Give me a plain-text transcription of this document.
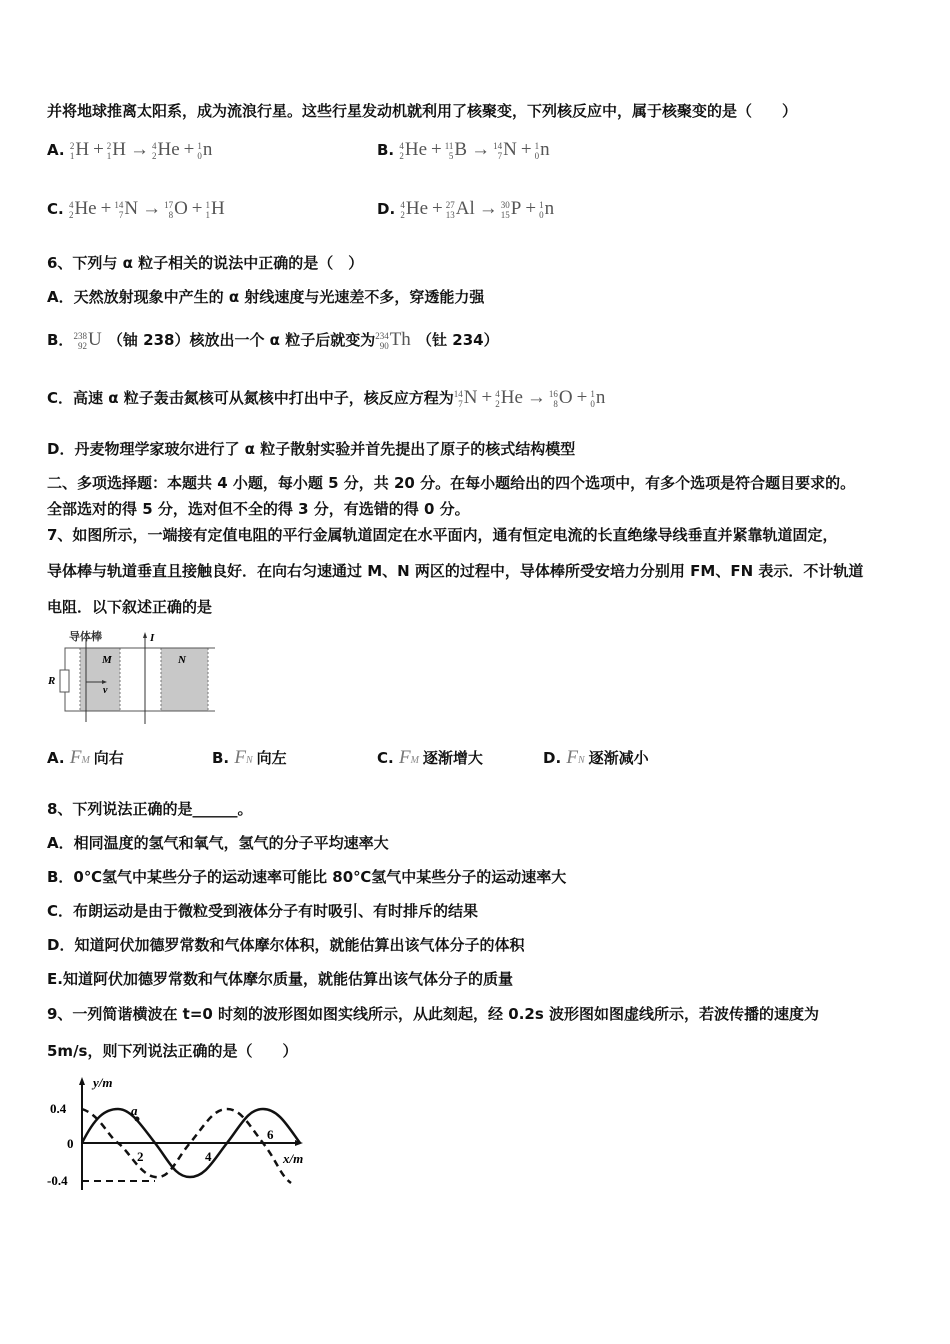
并将地球推离太阳系，成为流浪行星。这些行星发动机就利用了核聚变，下列核反应中，属于核聚变的是（　　）
A. 2
1 H + 2
1 H → 4
2 He + 1
0 n	B. 4
2 He + 11
5 B → 14
7 N + 1
0 n
C. 4
2 He + 14
7 N → 17
8 O + 1
1 H	D. 4
2 He + 27
13 Al → 30
15 P + 1
0 n
6、下列与 α 粒子相关的说法中正确的是（　）
A．天然放射现象中产生的 α 射线速度与光速差不多，穿透能力强
B． 238
92 U （铀 238）核放出一个 α 粒子后就变为 234
90 Th （钍 234）
C．高速 α 粒子轰击氮核可从氮核中打出中子，核反应方程为 14
7 N + 4
2 He → 16
8 O + 1
0 n
D．丹麦物理学家玻尔进行了 α 粒子散射实验并首先提出了原子的核式结构模型
二、多项选择题：本题共 4 小题，每小题 5 分，共 20 分。在每小题给出的四个选项中，有多个选项是符合题目要求的。
全部选对的得 5 分，选对但不全的得 3 分，有选错的得 0 分。
7、如图所示，一端接有定值电阻的平行金属轨道固定在水平面内，通有恒定电流的长直绝缘导线垂直并紧靠轨道固定，
导体棒与轨道垂直且接触良好．在向右匀速通过 M、N 两区的过程中，导体棒所受安培力分别用 FM、FN 表示．不计轨道
电阻．以下叙述正确的是
导体棒	I
R
M	N
v
A. FM 向右	B. FN 向左	C. FM 逐渐增大	D. FN 逐渐减小
8、下列说法正确的是______。
A．相同温度的氢气和氧气，氢气的分子平均速率大
B．0℃氢气中某些分子的运动速率可能比 80℃氢气中某些分子的运动速率大
C．布朗运动是由于微粒受到液体分子有时吸引、有时排斥的结果
D．知道阿伏加德罗常数和气体摩尔体积，就能估算出该气体分子的体积
E.知道阿伏加德罗常数和气体摩尔质量，就能估算出该气体分子的质量
9、一列简谐横波在 t=0 时刻的波形图如图实线所示，从此刻起，经 0.2s 波形图如图虚线所示，若波传播的速度为
5m/s，则下列说法正确的是（　　）
y/m
x/m
0.4
0
-0.4
2	4
6
a
